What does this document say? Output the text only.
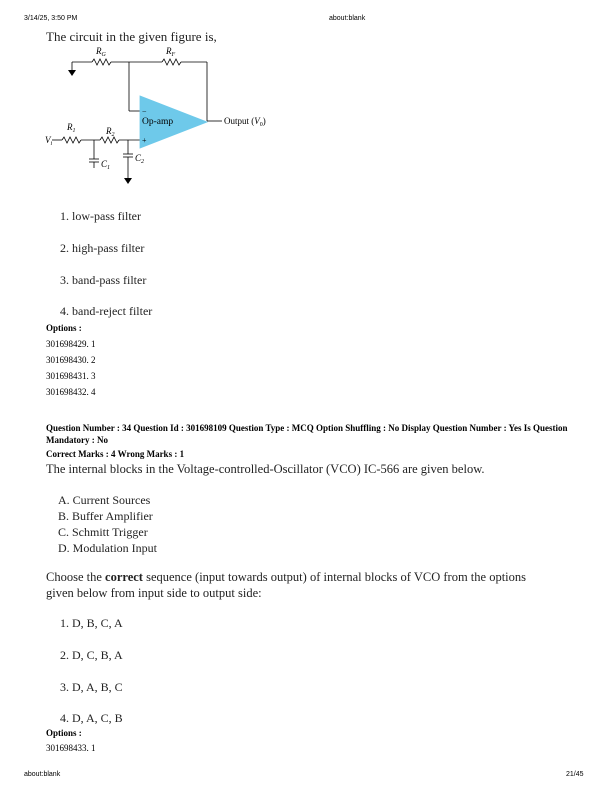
3/14/25, 3:50 PM	about:blank
The circuit in the given figure is,
Op-amp
−
+
$R_G$	$R_F$
$R_1$	$R_2$
$V_i$
$C_1$
$C_2$
Output $(V_0)$
1. low-pass filter
2. high-pass filter
3. band-pass filter
4. band-reject filter
Options :
301698429. 1
301698430. 2
301698431. 3
301698432. 4
Question Number : 34 Question Id : 301698109 Question Type : MCQ Option Shuffling : No Display Question Number : Yes Is Question Mandatory : No
Correct Marks : 4 Wrong Marks : 1
The internal blocks in the Voltage-controlled-Oscillator (VCO) IC-566 are given below.
A. Current Sources
B. Buffer Amplifier
C. Schmitt Trigger
D. Modulation Input
Choose the correct sequence (input towards output) of internal blocks of VCO from the options
given below from input side to output side:
1. D, B, C, A
2. D, C, B, A
3. D, A, B, C
4. D, A, C, B
Options :
301698433. 1
about:blank	21/45
